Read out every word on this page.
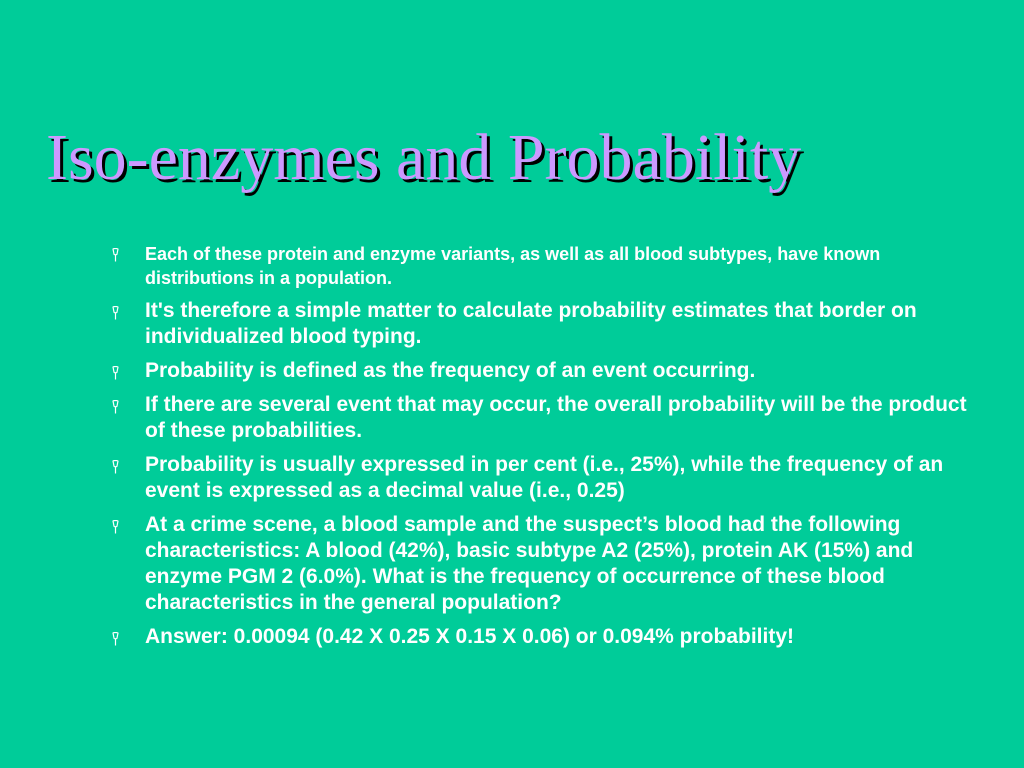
Iso-enzymes and Probability
Each of these protein and enzyme variants, as well as all blood subtypes, have known distributions in a population.
It's therefore a simple matter to calculate probability estimates that border on individualized blood typing.
Probability is defined as the frequency of an event occurring.
If there are several event that may occur, the overall probability will be the product of these probabilities.
Probability is usually expressed in per cent (i.e., 25%), while the frequency of an event is expressed as a decimal value (i.e., 0.25)
At a crime scene, a blood sample and the suspect’s blood had the following characteristics: A blood (42%), basic subtype A2 (25%), protein AK (15%) and enzyme PGM 2 (6.0%). What is the frequency of occurrence of these blood characteristics in the general population?
Answer: 0.00094 (0.42 X 0.25 X 0.15 X 0.06) or 0.094% probability!
